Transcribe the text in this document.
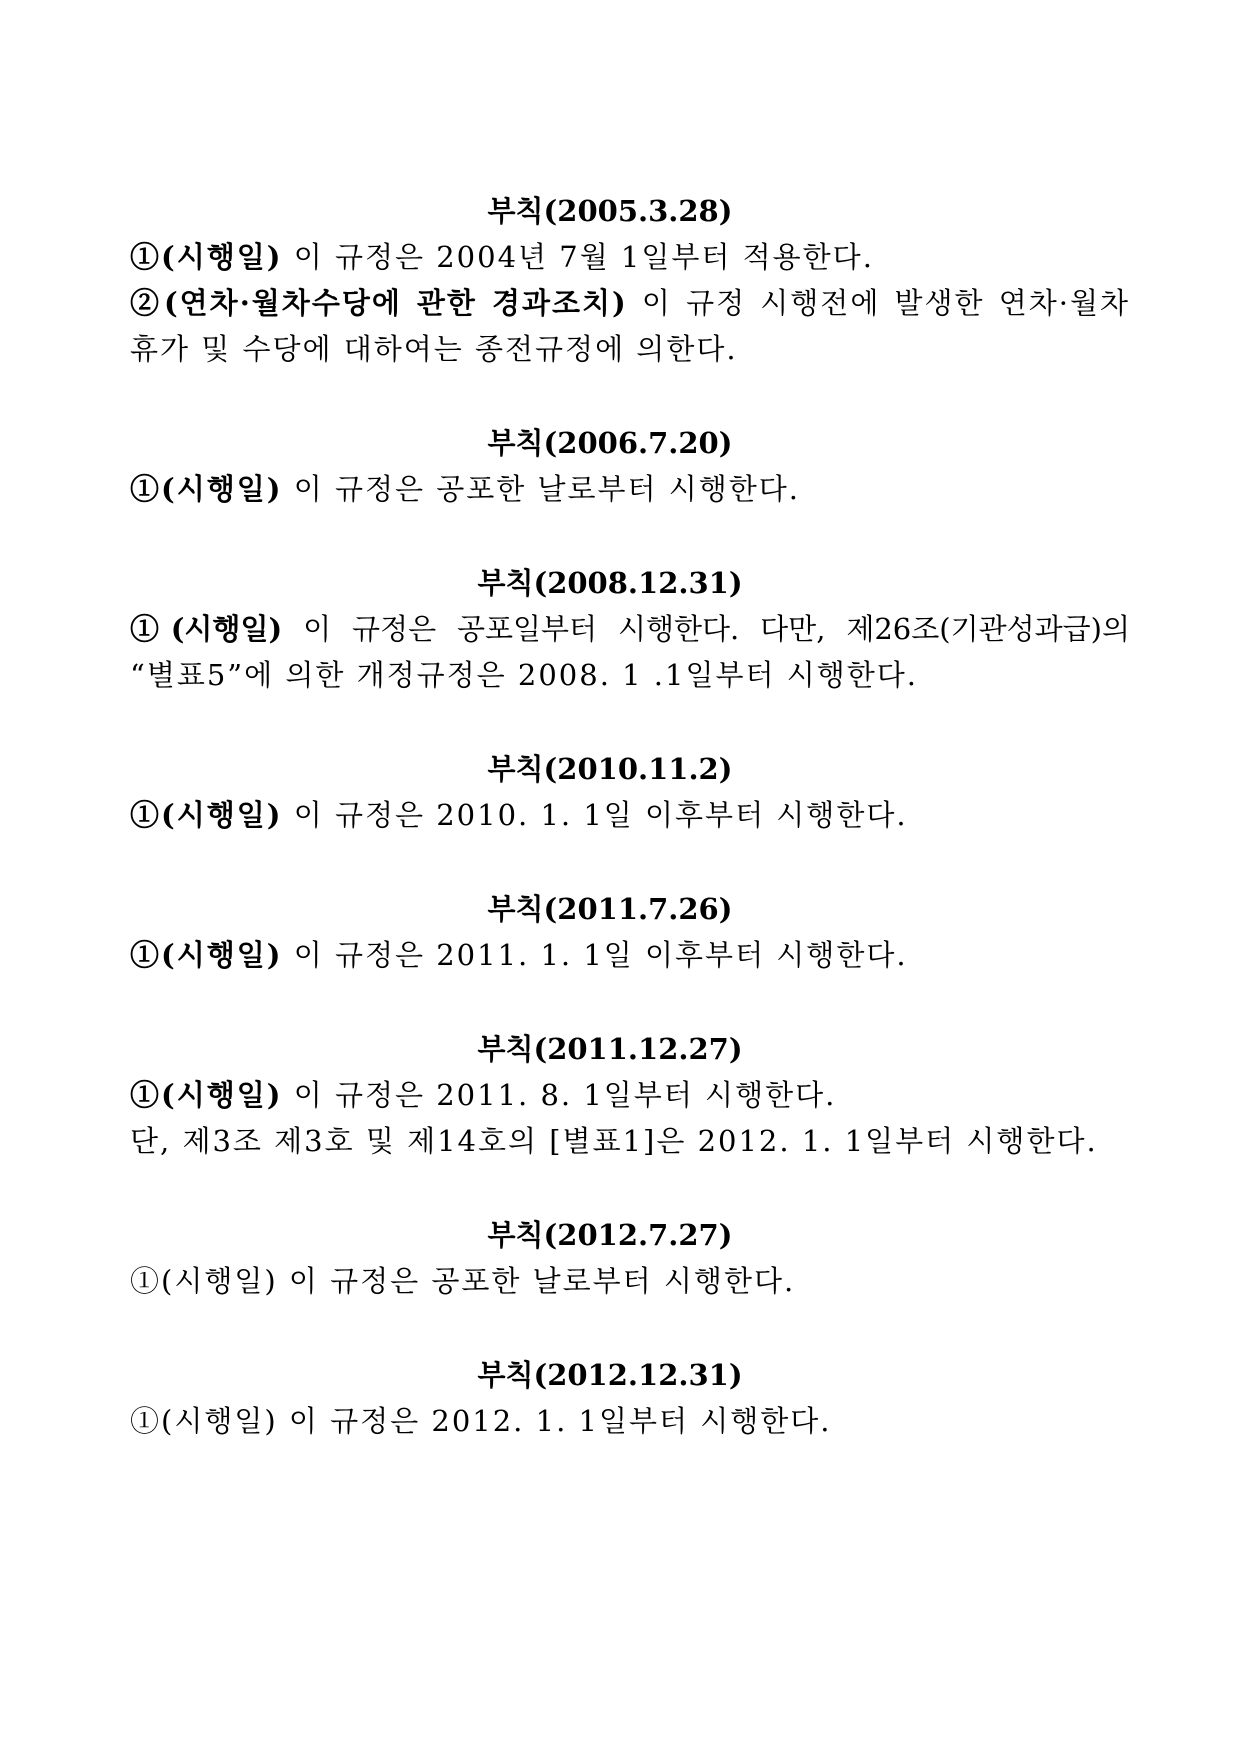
부칙(2005.3.28)
①(시행일) 이 규정은 2004년 7월 1일부터 적용한다.
②(연차·월차수당에 관한 경과조치) 이 규정 시행전에 발생한 연차·월차
휴가 및 수당에 대하여는 종전규정에 의한다.
부칙(2006.7.20)
①(시행일) 이 규정은 공포한 날로부터 시행한다.
부칙(2008.12.31)
①(시행일) 이 규정은 공포일부터 시행한다. 다만, 제26조(기관성과급)의
“별표5”에 의한 개정규정은 2008. 1 .1일부터 시행한다.
부칙(2010.11.2)
①(시행일) 이 규정은 2010. 1. 1일 이후부터 시행한다.
부칙(2011.7.26)
①(시행일) 이 규정은 2011. 1. 1일 이후부터 시행한다.
부칙(2011.12.27)
①(시행일) 이 규정은 2011. 8. 1일부터 시행한다.
단, 제3조 제3호 및 제14호의 [별표1]은 2012. 1. 1일부터 시행한다.
부칙(2012.7.27)
①(시행일) 이 규정은 공포한 날로부터 시행한다.
부칙(2012.12.31)
①(시행일) 이 규정은 2012. 1. 1일부터 시행한다.
